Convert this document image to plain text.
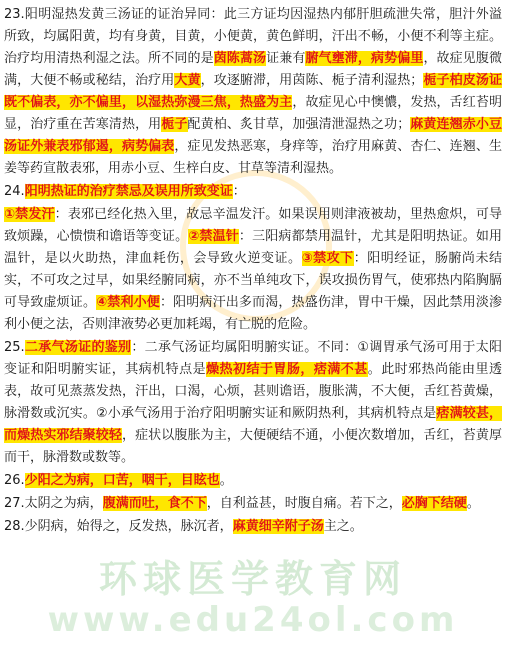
23.阳明湿热发黄三汤证的证治异同：此三方证均因湿热内郁肝胆疏泄失常，胆汁外溢所致，均属阳黄，均有身黄，目黄，小便黄，黄色鲜明，汗出不畅，小便不利等主症。治疗均用清热利湿之法。所不同的是茵陈蒿汤证兼有腑气壅滞，病势偏里，故症见腹微满，大便不畅或秘结，治疗用大黄，攻逐腑滞，用茵陈、栀子清利湿热；栀子柏皮汤证既不偏表，亦不偏里，以湿热弥漫三焦，热盛为主，故症见心中懊憹，发热，舌红苔明显，治疗重在苦寒清热，用栀子配黄柏、炙甘草，加强清泄湿热之功；麻黄连翘赤小豆汤证外兼表邪郁遏，病势偏表，症见发热恶寒，身痒等，治疗用麻黄、杏仁、连翘、生姜等药宣散表邪，用赤小豆、生梓白皮、甘草等清利湿热。

24.阳明热证的治疗禁忌及误用所致变证：

①禁发汗：表邪已经化热入里，故忌辛温发汗。如果误用则津液被劫，里热愈炽，可导致烦躁，心愦愦和谵语等变证。②禁温针：三阳病都禁用温针，尤其是阳明热证。如用温针，是以火助热，津血耗伤，会导致火逆变证。③禁攻下：阳明经证，肠腑尚未结实，不可攻之过早，如果经腑同病，亦不当单纯攻下，误攻损伤胃气，使邪热内陷胸膈可导致虚烦证。④禁利小便：阳明病汗出多而渴，热盛伤津，胃中干燥，因此禁用淡渗利小便之法，否则津液势必更加耗竭，有亡脱的危险。

25.二承气汤证的鉴别：二承气汤证均属阳明腑实证。不同：①调胃承气汤可用于太阳变证和阳明腑实证，其病机特点是燥热初结于胃肠，痞满不甚。此时邪热尚能由里透表，故可见蒸蒸发热，汗出，口渴，心烦，甚则谵语，腹胀满，不大便，舌红苔黄燥，脉滑数或沉实。②小承气汤用于治疗阳明腑实证和厥阴热利，其病机特点是痞满较甚，而燥热实邪结聚较轻，症状以腹胀为主，大便硬结不通，小便次数增加，舌红，苔黄厚而干，脉滑数或数等。

26.少阳之为病，口苦，咽干，目眩也。

27.太阴之为病，腹满而吐，食不下，自利益甚，时腹自痛。若下之，必胸下结硬。

28.少阴病，始得之，反发热，脉沉者，麻黄细辛附子汤主之。

环球医学教育网
www.edu24ol.com
